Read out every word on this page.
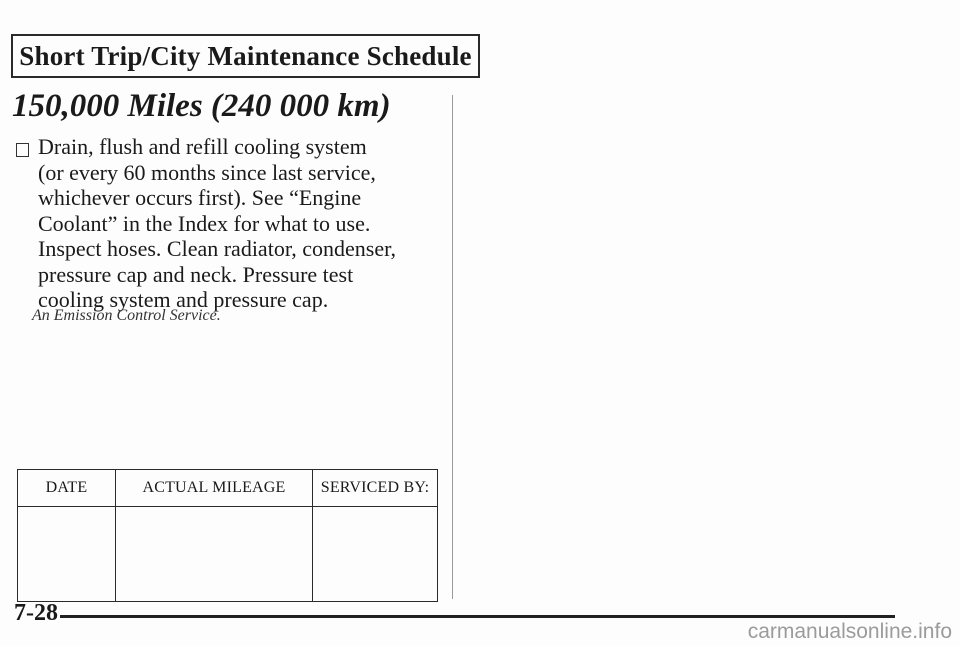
Short Trip/City Maintenance Schedule
150,000 Miles (240 000 km)

Drain, flush and refill cooling system
(or every 60 months since last service,
whichever occurs first). See “Engine
Coolant” in the Index for what to use.
Inspect hoses. Clean radiator, condenser,
pressure cap and neck. Pressure test
cooling system and pressure cap.

An Emission Control Service.
DATE	ACTUAL MILEAGE	SERVICED BY:

7-28
carmanualsonline.info
